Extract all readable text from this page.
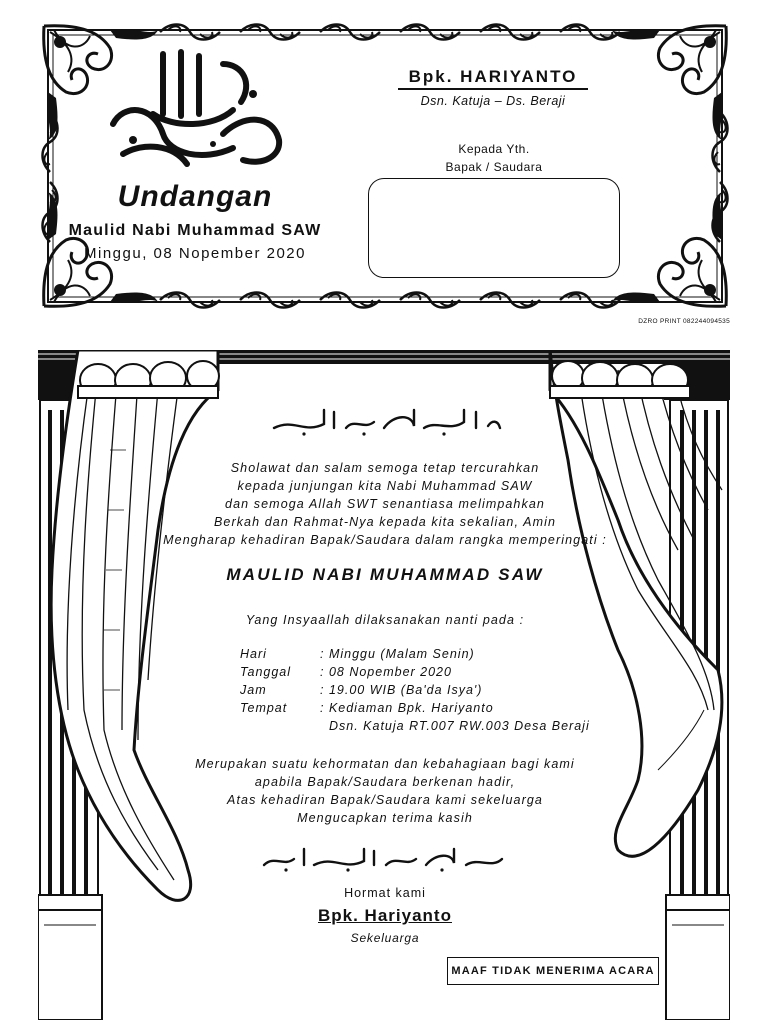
Undangan
Maulid Nabi Muhammad SAW
Minggu, 08 Nopember 2020
Bpk. HARIYANTO
Dsn. Katuja – Ds. Beraji
Kepada Yth.
Bapak / Saudara
DZRO PRINT 082244094535
Sholawat dan salam semoga tetap tercurahkan
kepada junjungan kita Nabi Muhammad SAW
dan semoga Allah SWT senantiasa melimpahkan
Berkah dan Rahmat-Nya kepada kita sekalian, Amin
Mengharap kehadiran Bapak/Saudara dalam rangka memperingati :
MAULID NABI MUHAMMAD SAW
Yang Insyaallah dilaksanakan nanti pada :
Hari	: Minggu (Malam Senin)
Tanggal : 08 Nopember 2020
Jam	: 19.00 WIB (Ba'da Isya')
Tempat	: Kediaman Bpk. Hariyanto
Dsn. Katuja RT.007 RW.003 Desa Beraji
Merupakan suatu kehormatan dan kebahagiaan bagi kami
apabila Bapak/Saudara berkenan hadir,
Atas kehadiran Bapak/Saudara kami sekeluarga
Mengucapkan terima kasih
Hormat kami
Bpk. Hariyanto
Sekeluarga
MAAF TIDAK MENERIMA ACARA
